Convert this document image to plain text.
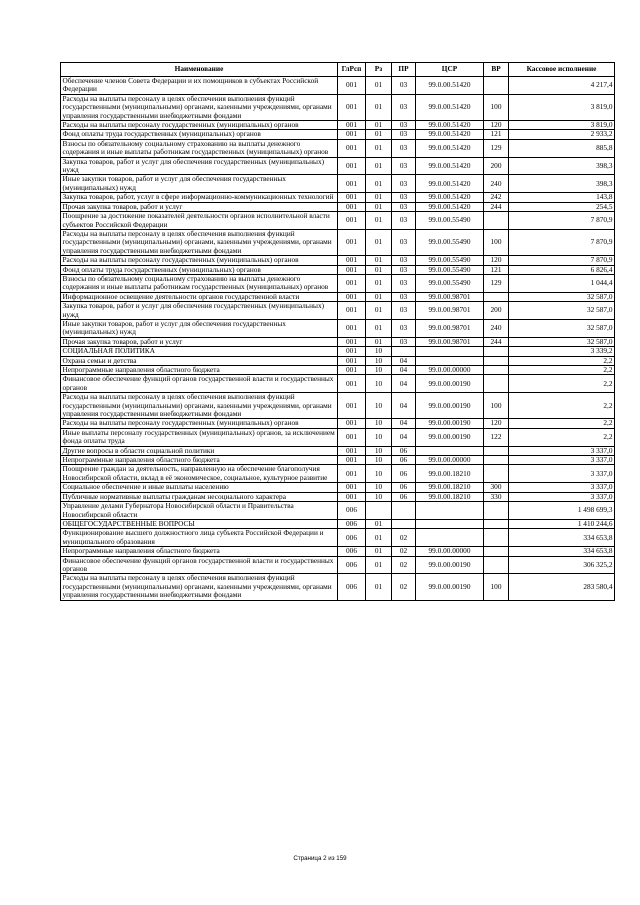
Наименование	ГлРсп	Рз	ПР	ЦСР	ВР	Кассовое исполнение
Обеспечение членов Совета Федерации и их помощников в субъектах Российской Федерации	001	01	03	99.0.00.51420		4 217,4
Расходы на выплаты персоналу в целях обеспечения выполнения функций государственными (муниципальными) органами, казенными учреждениями, органами управления государственными внебюджетными фондами	001	01	03	99.0.00.51420	100	3 819,0
Расходы на выплаты персоналу государственных (муниципальных) органов	001	01	03	99.0.00.51420	120	3 819,0
Фонд оплаты труда государственных (муниципальных) органов	001	01	03	99.0.00.51420	121	2 933,2
Взносы по обязательному социальному страхованию на выплаты денежного содержания и иные выплаты работникам государственных (муниципальных) органов	001	01	03	99.0.00.51420	129	885,8
Закупка товаров, работ и услуг для обеспечения государственных (муниципальных) нужд	001	01	03	99.0.00.51420	200	398,3
Иные закупки товаров, работ и услуг для обеспечения государственных (муниципальных) нужд	001	01	03	99.0.00.51420	240	398,3
Закупка товаров, работ, услуг в сфере информационно-коммуникационных технологий	001	01	03	99.0.00.51420	242	143,8
Прочая закупка товаров, работ и услуг	001	01	03	99.0.00.51420	244	254,5
Поощрение за достижение показателей деятельности органов исполнительной власти субъектов Российской Федерации	001	01	03	99.0.00.55490		7 870,9
Расходы на выплаты персоналу в целях обеспечения выполнения функций государственными (муниципальными) органами, казенными учреждениями, органами управления государственными внебюджетными фондами	001	01	03	99.0.00.55490	100	7 870,9
Расходы на выплаты персоналу государственных (муниципальных) органов	001	01	03	99.0.00.55490	120	7 870,9
Фонд оплаты труда государственных (муниципальных) органов	001	01	03	99.0.00.55490	121	6 826,4
Взносы по обязательному социальному страхованию на выплаты денежного содержания и иные выплаты работникам государственных (муниципальных) органов	001	01	03	99.0.00.55490	129	1 044,4
Информационное освещение деятельности органов государственной власти	001	01	03	99.0.00.98701		32 587,0
Закупка товаров, работ и услуг для обеспечения государственных (муниципальных) нужд	001	01	03	99.0.00.98701	200	32 587,0
Иные закупки товаров, работ и услуг для обеспечения государственных (муниципальных) нужд	001	01	03	99.0.00.98701	240	32 587,0
Прочая закупка товаров, работ и услуг	001	01	03	99.0.00.98701	244	32 587,0
СОЦИАЛЬНАЯ ПОЛИТИКА	001	10				3 339,2
Охрана семьи и детства	001	10	04			2,2
Непрограммные направления областного бюджета	001	10	04	99.0.00.00000		2,2
Финансовое обеспечение функций органов государственной власти и государственных органов	001	10	04	99.0.00.00190		2,2
Расходы на выплаты персоналу в целях обеспечения выполнения функций государственными (муниципальными) органами, казенными учреждениями, органами управления государственными внебюджетными фондами	001	10	04	99.0.00.00190	100	2,2
Расходы на выплаты персоналу государственных (муниципальных) органов	001	10	04	99.0.00.00190	120	2,2
Иные выплаты персоналу государственных (муниципальных) органов, за исключением фонда оплаты труда	001	10	04	99.0.00.00190	122	2,2
Другие вопросы в области социальной политики	001	10	06			3 337,0
Непрограммные направления областного бюджета	001	10	06	99.0.00.00000		3 337,0
Поощрение граждан за деятельность, направленную на обеспечение благополучия Новосибирской области, вклад в её экономическое, социальное, культурное развитие	001	10	06	99.0.00.18210		3 337,0
Социальное обеспечение и иные выплаты населению	001	10	06	99.0.00.18210	300	3 337,0
Публичные нормативные выплаты гражданам несоциального характера	001	10	06	99.0.00.18210	330	3 337,0
Управление делами Губернатора Новосибирской области и Правительства Новосибирской области	006					1 498 699,3
ОБЩЕГОСУДАРСТВЕННЫЕ ВОПРОСЫ	006	01				1 410 244,6
Функционирование высшего должностного лица субъекта Российской Федерации и муниципального образования	006	01	02			334 653,8
Непрограммные направления областного бюджета	006	01	02	99.0.00.00000		334 653,8
Финансовое обеспечение функций органов государственной власти и государственных органов	006	01	02	99.0.00.00190		306 325,2
Расходы на выплаты персоналу в целях обеспечения выполнения функций государственными (муниципальными) органами, казенными учреждениями, органами управления государственными внебюджетными фондами	006	01	02	99.0.00.00190	100	283 580,4
Страница 2 из 159
